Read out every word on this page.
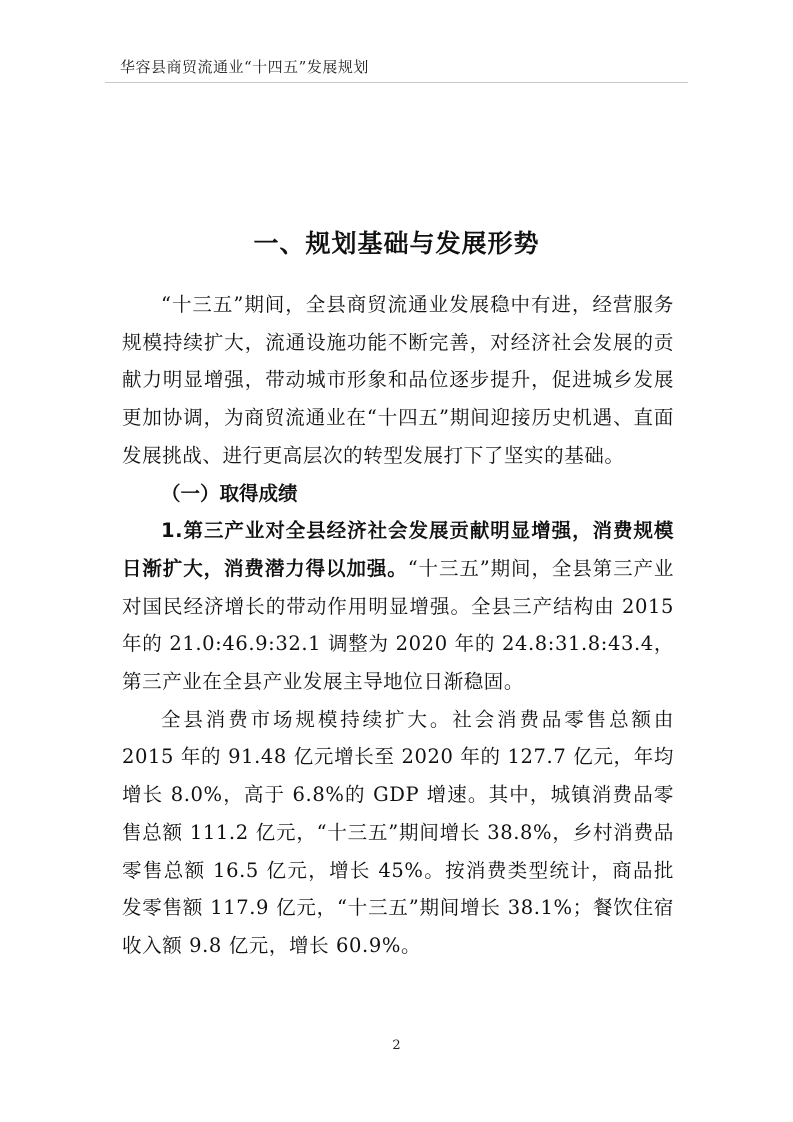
华容县商贸流通业“十四五”发展规划
一、规划基础与发展形势

“十三五”期间，全县商贸流通业发展稳中有进，经营服务规模持续扩大，流通设施功能不断完善，对经济社会发展的贡献力明显增强，带动城市形象和品位逐步提升，促进城乡发展更加协调，为商贸流通业在“十四五”期间迎接历史机遇、直面发展挑战、进行更高层次的转型发展打下了坚实的基础。

（一）取得成绩

1.第三产业对全县经济社会发展贡献明显增强，消费规模日渐扩大，消费潜力得以加强。“十三五”期间，全县第三产业对国民经济增长的带动作用明显增强。全县三产结构由 2015 年的 21.0:46.9:32.1 调整为 2020 年的 24.8:31.8:43.4，第三产业在全县产业发展主导地位日渐稳固。

全县消费市场规模持续扩大。社会消费品零售总额由 2015 年的 91.48 亿元增长至 2020 年的 127.7 亿元，年均增长 8.0%，高于 6.8%的 GDP 增速。其中，城镇消费品零售总额 111.2 亿元，“十三五”期间增长 38.8%，乡村消费品零售总额 16.5 亿元，增长 45%。按消费类型统计，商品批发零售额 117.9 亿元，“十三五”期间增长 38.1%；餐饮住宿收入额 9.8 亿元，增长 60.9%。

2
